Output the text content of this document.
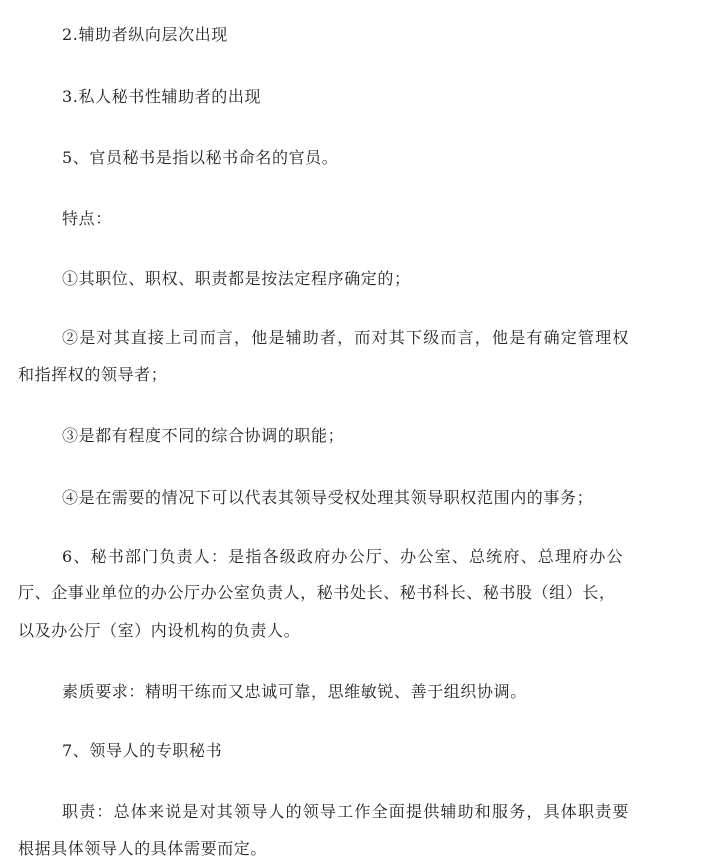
2.辅助者纵向层次出现
3.私人秘书性辅助者的出现
5、官员秘书是指以秘书命名的官员。
特点：
①其职位、职权、职责都是按法定程序确定的；
②是对其直接上司而言，他是辅助者，而对其下级而言，他是有确定管理权
和指挥权的领导者；
③是都有程度不同的综合协调的职能；
④是在需要的情况下可以代表其领导受权处理其领导职权范围内的事务；
6、秘书部门负责人：是指各级政府办公厅、办公室、总统府、总理府办公
厅、企事业单位的办公厅办公室负责人，秘书处长、秘书科长、秘书股（组）长，
以及办公厅（室）内设机构的负责人。
素质要求：精明干练而又忠诚可靠，思维敏锐、善于组织协调。
7、领导人的专职秘书
职责：总体来说是对其领导人的领导工作全面提供辅助和服务，具体职责要
根据具体领导人的具体需要而定。
